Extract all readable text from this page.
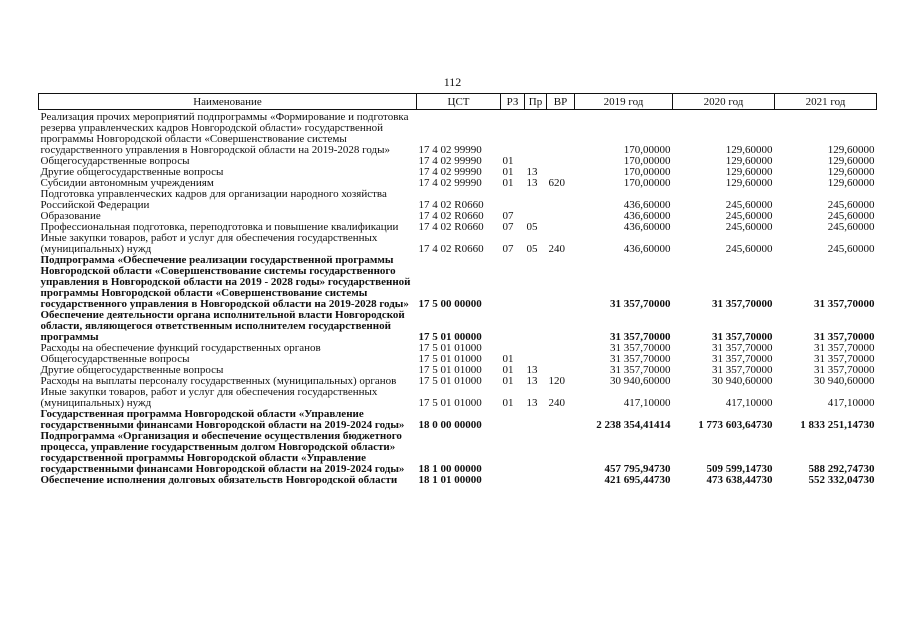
112
Наименование	ЦСТ	РЗ	Пр	ВР	2019 год	2020 год	2021 год
Реализация прочих мероприятий подпрограммы «Формирование и подготовка резерва управленческих кадров Новгородской области» государственной программы Новгородской области «Совершенствование системы государственного управления в Новгородской области на 2019-2028 годы»	17 4 02 99990				170,00000	129,60000	129,60000
Общегосударственные вопросы	17 4 02 99990	01			170,00000	129,60000	129,60000
Другие общегосударственные вопросы	17 4 02 99990	01	13		170,00000	129,60000	129,60000
Субсидии автономным учреждениям	17 4 02 99990	01	13	620	170,00000	129,60000	129,60000
Подготовка управленческих кадров для организации народного хозяйства Российской Федерации	17 4 02 R0660				436,60000	245,60000	245,60000
Образование	17 4 02 R0660	07			436,60000	245,60000	245,60000
Профессиональная подготовка, переподготовка и повышение квалификации	17 4 02 R0660	07	05		436,60000	245,60000	245,60000
Иные закупки товаров, работ и услуг для обеспечения государственных (муниципальных) нужд	17 4 02 R0660	07	05	240	436,60000	245,60000	245,60000
Подпрограмма «Обеспечение реализации государственной программы Новгородской области «Совершенствование системы государственного управления в Новгородской области на 2019 - 2028 годы» государственной программы Новгородской области «Совершенствование системы государственного управления в Новгородской области на 2019-2028 годы»	17 5 00 00000				31 357,70000	31 357,70000	31 357,70000
Обеспечение деятельности органа исполнительной власти Новгородской области, являющегося ответственным исполнителем государственной программы	17 5 01 00000				31 357,70000	31 357,70000	31 357,70000
Расходы на обеспечение функций государственных органов	17 5 01 01000				31 357,70000	31 357,70000	31 357,70000
Общегосударственные вопросы	17 5 01 01000	01			31 357,70000	31 357,70000	31 357,70000
Другие общегосударственные вопросы	17 5 01 01000	01	13		31 357,70000	31 357,70000	31 357,70000
Расходы на выплаты персоналу государственных (муниципальных) органов	17 5 01 01000	01	13	120	30 940,60000	30 940,60000	30 940,60000
Иные закупки товаров, работ и услуг для обеспечения государственных (муниципальных) нужд	17 5 01 01000	01	13	240	417,10000	417,10000	417,10000
Государственная программа Новгородской области «Управление государственными финансами Новгородской области на 2019-2024 годы»	18 0 00 00000				2 238 354,41414	1 773 603,64730	1 833 251,14730
Подпрограмма «Организация и обеспечение осуществления бюджетного процесса, управление государственным долгом Новгородской области» государственной программы Новгородской области «Управление государственными финансами Новгородской области на 2019-2024 годы»	18 1 00 00000				457 795,94730	509 599,14730	588 292,74730
Обеспечение исполнения долговых обязательств Новгородской области	18 1 01 00000				421 695,44730	473 638,44730	552 332,04730
